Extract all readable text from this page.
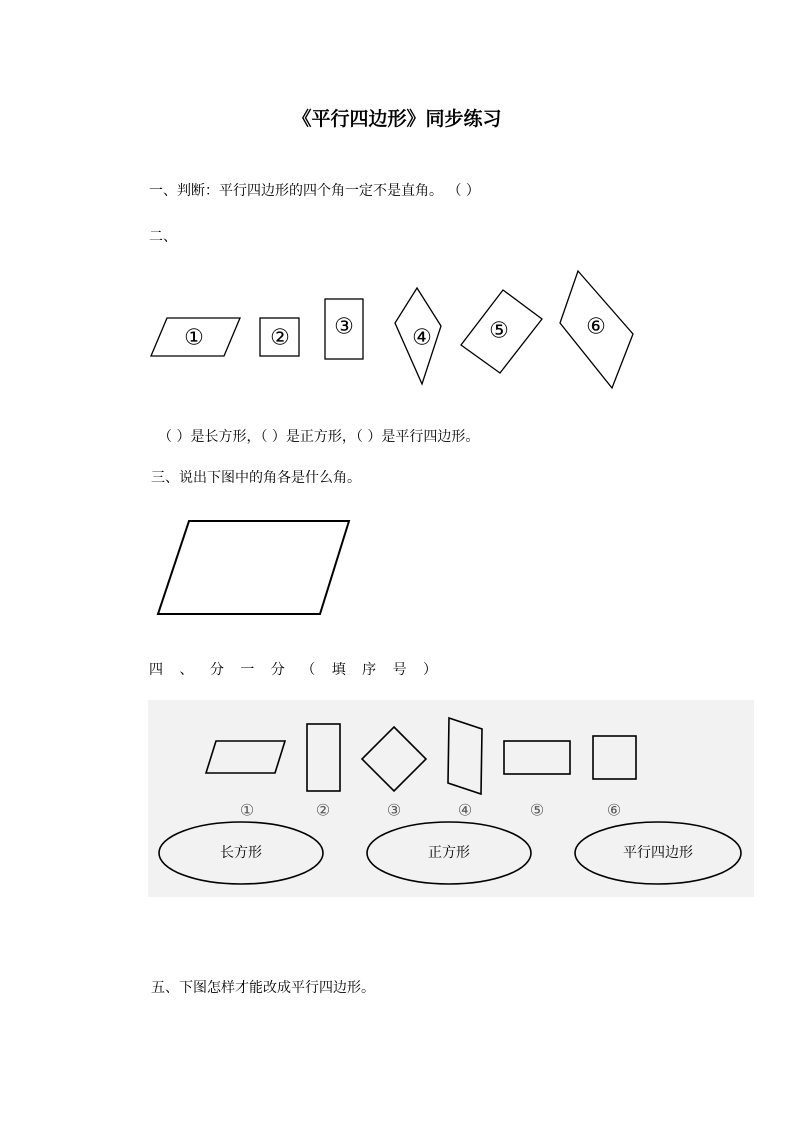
《平行四边形》同步练习
一、判断：平行四边形的四个角一定不是直角。 （ ）
二、
①	② ③	④	⑤	⑥
（ ）是长方形，（ ）是正方形，（ ）是平行四边形。
三、说出下图中的角各是什么角。
四 、 分 一 分 （ 填 序 号 ）
①	②	③	④	⑤	⑥
长方形	正方形	平行四边形
五、下图怎样才能改成平行四边形。
